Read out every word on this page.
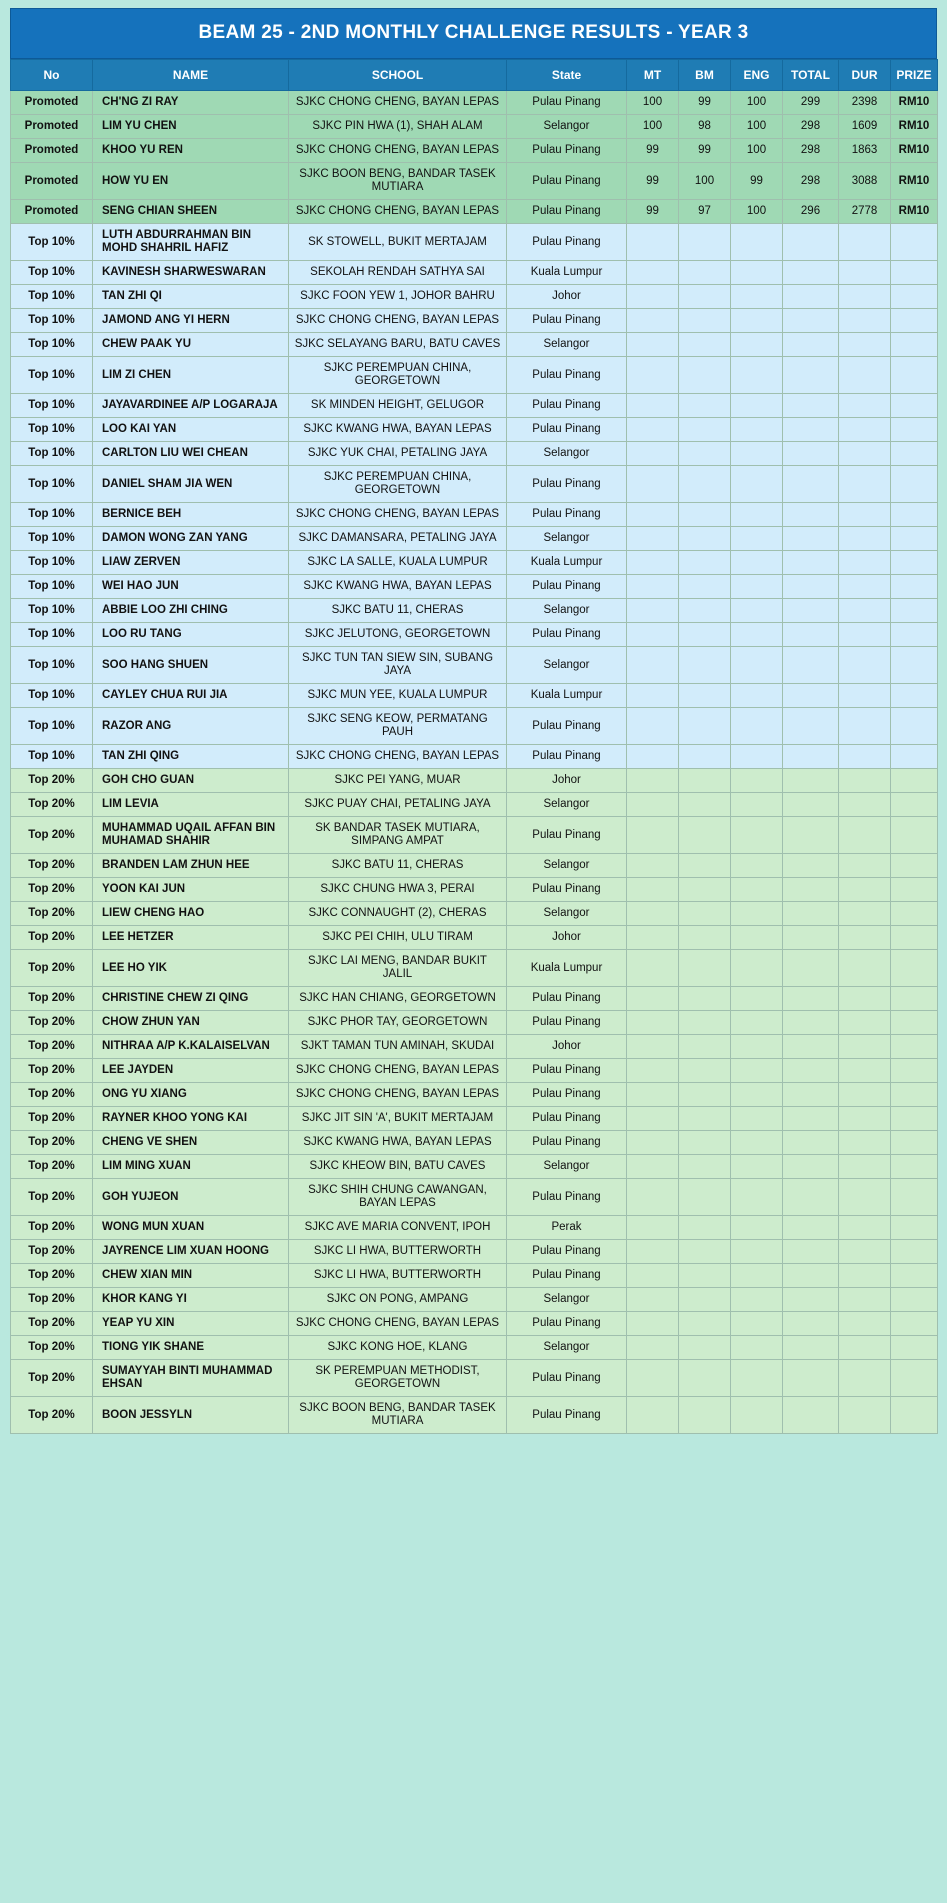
BEAM 25 - 2ND MONTHLY CHALLENGE RESULTS - YEAR 3
No	NAME	SCHOOL	State	MT	BM	ENG	TOTAL	DUR	PRIZE
Promoted	CH'NG ZI RAY	SJKC CHONG CHENG, BAYAN LEPAS	Pulau Pinang	100	99	100	299	2398	RM10
Promoted	LIM YU CHEN	SJKC PIN HWA (1), SHAH ALAM	Selangor	100	98	100	298	1609	RM10
Promoted	KHOO YU REN	SJKC CHONG CHENG, BAYAN LEPAS	Pulau Pinang	99	99	100	298	1863	RM10
Promoted	HOW YU EN	SJKC BOON BENG, BANDAR TASEK MUTIARA	Pulau Pinang	99	100	99	298	3088	RM10
Promoted	SENG CHIAN SHEEN	SJKC CHONG CHENG, BAYAN LEPAS	Pulau Pinang	99	97	100	296	2778	RM10
Top 10%	LUTH ABDURRAHMAN BIN MOHD SHAHRIL HAFIZ	SK STOWELL, BUKIT MERTAJAM	Pulau Pinang						
Top 10%	KAVINESH SHARWESWARAN	SEKOLAH RENDAH SATHYA SAI	Kuala Lumpur						
Top 10%	TAN ZHI QI	SJKC FOON YEW 1, JOHOR BAHRU	Johor						
Top 10%	JAMOND ANG YI HERN	SJKC CHONG CHENG, BAYAN LEPAS	Pulau Pinang						
Top 10%	CHEW PAAK YU	SJKC SELAYANG BARU, BATU CAVES	Selangor						
Top 10%	LIM ZI CHEN	SJKC PEREMPUAN CHINA, GEORGETOWN	Pulau Pinang						
Top 10%	JAYAVARDINEE A/P LOGARAJA	SK MINDEN HEIGHT, GELUGOR	Pulau Pinang						
Top 10%	LOO KAI YAN	SJKC KWANG HWA, BAYAN LEPAS	Pulau Pinang						
Top 10%	CARLTON LIU WEI CHEAN	SJKC YUK CHAI, PETALING JAYA	Selangor						
Top 10%	DANIEL SHAM JIA WEN	SJKC PEREMPUAN CHINA, GEORGETOWN	Pulau Pinang						
Top 10%	BERNICE BEH	SJKC CHONG CHENG, BAYAN LEPAS	Pulau Pinang						
Top 10%	DAMON WONG ZAN YANG	SJKC DAMANSARA, PETALING JAYA	Selangor						
Top 10%	LIAW ZERVEN	SJKC LA SALLE, KUALA LUMPUR	Kuala Lumpur						
Top 10%	WEI HAO JUN	SJKC KWANG HWA, BAYAN LEPAS	Pulau Pinang						
Top 10%	ABBIE LOO ZHI CHING	SJKC BATU 11, CHERAS	Selangor						
Top 10%	LOO RU TANG	SJKC JELUTONG, GEORGETOWN	Pulau Pinang						
Top 10%	SOO HANG SHUEN	SJKC TUN TAN SIEW SIN, SUBANG JAYA	Selangor						
Top 10%	CAYLEY CHUA RUI JIA	SJKC MUN YEE, KUALA LUMPUR	Kuala Lumpur						
Top 10%	RAZOR ANG	SJKC SENG KEOW, PERMATANG PAUH	Pulau Pinang						
Top 10%	TAN ZHI QING	SJKC CHONG CHENG, BAYAN LEPAS	Pulau Pinang						
Top 20%	GOH CHO GUAN	SJKC PEI YANG, MUAR	Johor						
Top 20%	LIM LEVIA	SJKC PUAY CHAI, PETALING JAYA	Selangor						
Top 20%	MUHAMMAD UQAIL AFFAN BIN MUHAMAD SHAHIR	SK BANDAR TASEK MUTIARA, SIMPANG AMPAT	Pulau Pinang						
Top 20%	BRANDEN LAM ZHUN HEE	SJKC BATU 11, CHERAS	Selangor						
Top 20%	YOON KAI JUN	SJKC CHUNG HWA 3, PERAI	Pulau Pinang						
Top 20%	LIEW CHENG HAO	SJKC CONNAUGHT (2), CHERAS	Selangor						
Top 20%	LEE HETZER	SJKC PEI CHIH, ULU TIRAM	Johor						
Top 20%	LEE HO YIK	SJKC LAI MENG, BANDAR BUKIT JALIL	Kuala Lumpur						
Top 20%	CHRISTINE CHEW ZI QING	SJKC HAN CHIANG, GEORGETOWN	Pulau Pinang						
Top 20%	CHOW ZHUN YAN	SJKC PHOR TAY, GEORGETOWN	Pulau Pinang						
Top 20%	NITHRAA A/P K.KALAISELVAN	SJKT TAMAN TUN AMINAH, SKUDAI	Johor						
Top 20%	LEE JAYDEN	SJKC CHONG CHENG, BAYAN LEPAS	Pulau Pinang						
Top 20%	ONG YU XIANG	SJKC CHONG CHENG, BAYAN LEPAS	Pulau Pinang						
Top 20%	RAYNER KHOO YONG KAI	SJKC JIT SIN 'A', BUKIT MERTAJAM	Pulau Pinang						
Top 20%	CHENG VE SHEN	SJKC KWANG HWA, BAYAN LEPAS	Pulau Pinang						
Top 20%	LIM MING XUAN	SJKC KHEOW BIN, BATU CAVES	Selangor						
Top 20%	GOH YUJEON	SJKC SHIH CHUNG CAWANGAN, BAYAN LEPAS	Pulau Pinang						
Top 20%	WONG MUN XUAN	SJKC AVE MARIA CONVENT, IPOH	Perak						
Top 20%	JAYRENCE LIM XUAN HOONG	SJKC LI HWA, BUTTERWORTH	Pulau Pinang						
Top 20%	CHEW XIAN MIN	SJKC LI HWA, BUTTERWORTH	Pulau Pinang						
Top 20%	KHOR KANG YI	SJKC ON PONG, AMPANG	Selangor						
Top 20%	YEAP YU XIN	SJKC CHONG CHENG, BAYAN LEPAS	Pulau Pinang						
Top 20%	TIONG YIK SHANE	SJKC KONG HOE, KLANG	Selangor						
Top 20%	SUMAYYAH BINTI MUHAMMAD EHSAN	SK PEREMPUAN METHODIST, GEORGETOWN	Pulau Pinang						
Top 20%	BOON JESSYLN	SJKC BOON BENG, BANDAR TASEK MUTIARA	Pulau Pinang						
